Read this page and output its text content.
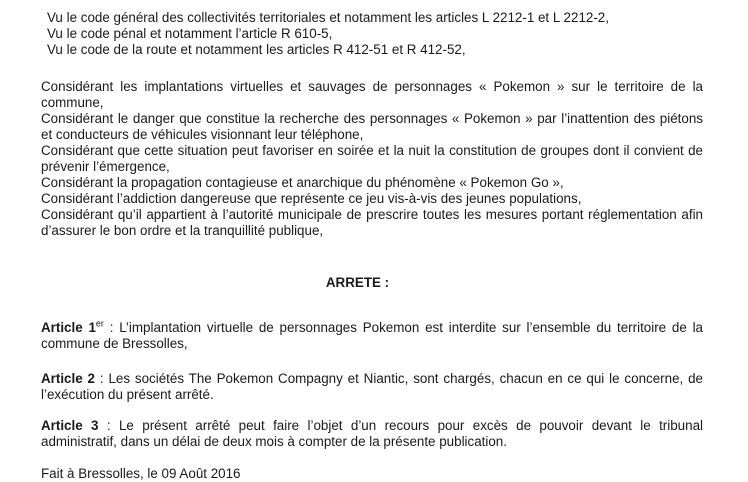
Vu le code général des collectivités territoriales et notamment les articles L 2212-1 et L 2212-2,
Vu le code pénal et notamment l’article R 610-5,
Vu le code de la route et notamment les articles R 412-51 et R 412-52,
Considérant les implantations virtuelles et sauvages de personnages « Pokemon » sur le territoire de la commune,
Considérant le danger que constitue la recherche des personnages « Pokemon » par l’inattention des piétons et conducteurs de véhicules visionnant leur téléphone,
Considérant que cette situation peut favoriser en soirée et la nuit la constitution de groupes dont il convient de prévenir l’émergence,
Considérant la propagation contagieuse et anarchique du phénomène « Pokemon Go »,
Considérant l’addiction dangereuse que représente ce jeu vis-à-vis des jeunes populations,
Considérant qu’il appartient à l’autorité municipale de prescrire toutes les mesures portant réglementation afin d’assurer le bon ordre et la tranquillité publique,
ARRETE :
Article 1er : L’implantation virtuelle de personnages Pokemon est interdite sur l’ensemble du territoire de la commune de Bressolles,
Article 2 : Les sociétés The Pokemon Compagny et Niantic, sont chargés, chacun en ce qui le concerne, de l’exécution du présent arrêté.
Article 3 : Le présent arrêté peut faire l’objet d’un recours pour excès de pouvoir devant le tribunal administratif, dans un délai de deux mois à compter de la présente publication.
Fait à Bressolles, le 09 Août 2016
